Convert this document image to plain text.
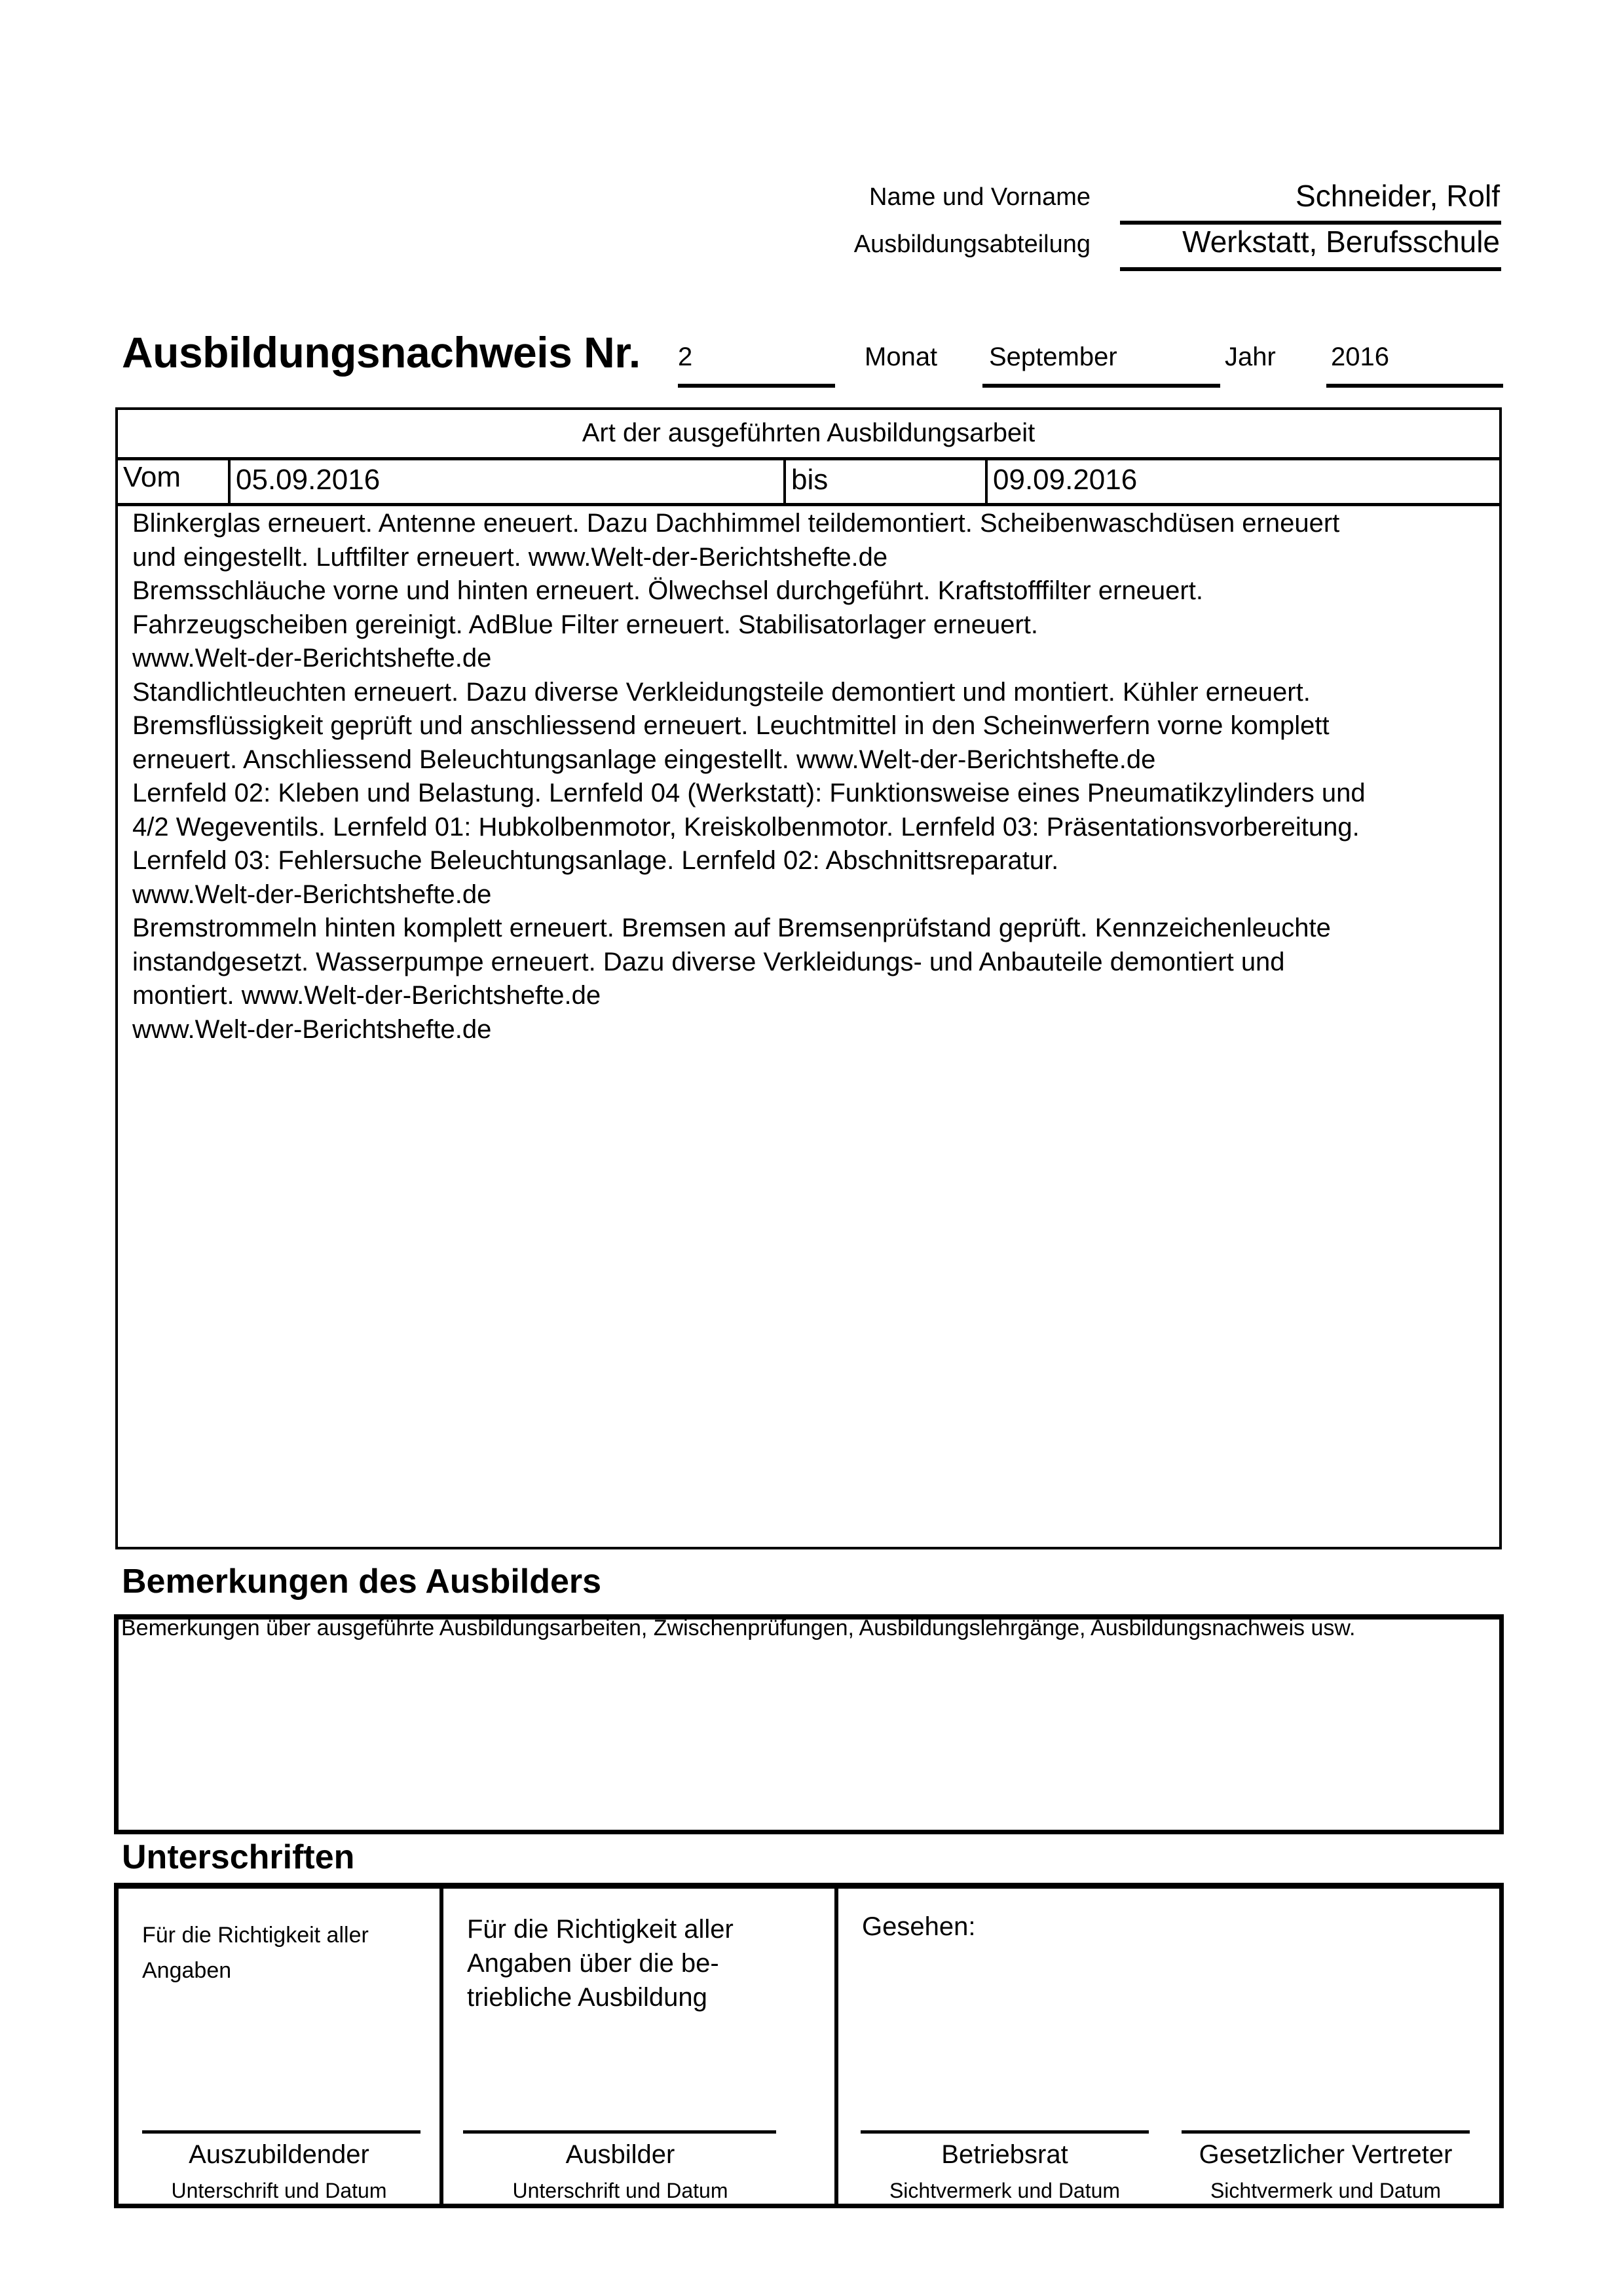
Name und Vorname	Schneider, Rolf
Ausbildungsabteilung	Werkstatt, Berufsschule
Ausbildungsnachweis Nr. 2	Monat September	Jahr 2016
Art der ausgeführten Ausbildungsarbeit
Vom	05.09.2016	bis	09.09.2016
Blinkerglas erneuert. Antenne eneuert. Dazu Dachhimmel teildemontiert. Scheibenwaschdüsen erneuert
und eingestellt. Luftfilter erneuert. www.Welt-der-Berichtshefte.de
Bremsschläuche vorne und hinten erneuert. Ölwechsel durchgeführt. Kraftstofffilter erneuert.
Fahrzeugscheiben gereinigt. AdBlue Filter erneuert. Stabilisatorlager erneuert.
www.Welt-der-Berichtshefte.de
Standlichtleuchten erneuert. Dazu diverse Verkleidungsteile demontiert und montiert. Kühler erneuert.
Bremsflüssigkeit geprüft und anschliessend erneuert. Leuchtmittel in den Scheinwerfern vorne komplett
erneuert. Anschliessend Beleuchtungsanlage eingestellt. www.Welt-der-Berichtshefte.de
Lernfeld 02: Kleben und Belastung. Lernfeld 04 (Werkstatt): Funktionsweise eines Pneumatikzylinders und
4/2 Wegeventils. Lernfeld 01: Hubkolbenmotor, Kreiskolbenmotor. Lernfeld 03: Präsentationsvorbereitung.
Lernfeld 03: Fehlersuche Beleuchtungsanlage. Lernfeld 02: Abschnittsreparatur.
www.Welt-der-Berichtshefte.de
Bremstrommeln hinten komplett erneuert. Bremsen auf Bremsenprüfstand geprüft. Kennzeichenleuchte
instandgesetzt. Wasserpumpe erneuert. Dazu diverse Verkleidungs- und Anbauteile demontiert und
montiert. www.Welt-der-Berichtshefte.de
www.Welt-der-Berichtshefte.de
Bemerkungen des Ausbilders
Bemerkungen über ausgeführte Ausbildungsarbeiten, Zwischenprüfungen, Ausbildungslehrgänge, Ausbildungsnachweis usw.
Unterschriften
Für die Richtigkeit aller
Angaben
Auszubildender
Unterschrift und Datum
Für die Richtigkeit aller
Angaben über die be-
triebliche Ausbildung
Ausbilder
Unterschrift und Datum
Gesehen:
Betriebsrat
Sichtvermerk und Datum
Gesetzlicher Vertreter
Sichtvermerk und Datum
